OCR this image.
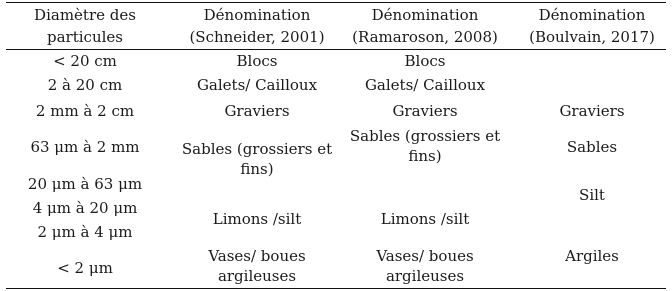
Diamètre des
particules
Dénomination
(Schneider, 2001)
Dénomination
(Ramaroson, 2008)
Dénomination
(Boulvain, 2017)
< 20 cm
2 à 20 cm
2 mm à 2 cm
63 μm à 2 mm
20 μm à 63 μm
4 μm à 20 μm
2 μm à 4 μm
< 2 μm
Blocs
Galets/ Cailloux
Graviers
Sables (grossiers et
fins)
Limons /silt
Vases/ boues
argileuses
Blocs
Galets/ Cailloux
Graviers
Sables (grossiers et
fins)
Limons /silt
Vases/ boues
argileuses
Graviers
Sables
Silt
Argiles
